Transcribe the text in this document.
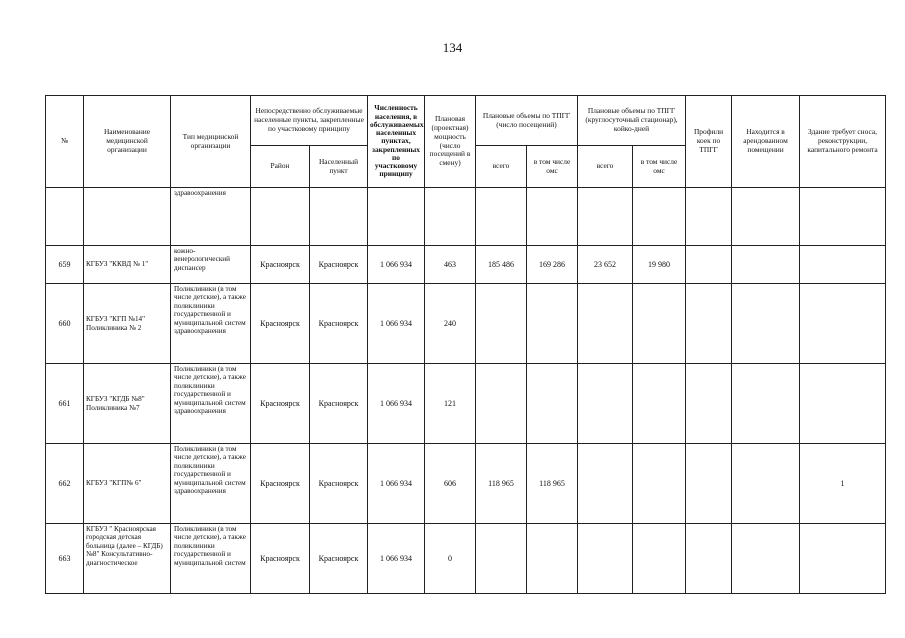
134
№	Наименование медицинской организации	Тип медицинской организации	Непосредственно обслуживаемые населенные пункты, закрепленные по участковому принципу		Численность населения, в обслуживаемых населенных пунктах, закрепленных по участковому принципу	Плановая (проектная) мощность (число посещений в смену)	Плановые объемы по ТПГГ (число посещений)		Плановые объемы по ТПГГ (круглосуточный стационар), койко-дней		Профили коек по ТПГГ	Находится в арендованном помещении	Здание требует сноса, реконструкции, капитального ремонта
			Район	Населенный пункт			всего	в том числе омс	всего	в том числе омс			
		здравоохранения											
659	КГБУЗ "ККВД № 1"	кожно-венерологический диспансер	Красноярск	Красноярск	1 066 934	463	185 486	169 286	23 652	19 980			
660	КГБУЗ "КГП №14" Поликлиника № 2	Поликлиники (в том числе детские), а также поликлиники государственной и муниципальной систем здравоохранения	Красноярск	Красноярск	1 066 934	240							
661	КГБУЗ "КГДБ №8" Поликлиника №7	Поликлиники (в том числе детские), а также поликлиники государственной и муниципальной систем здравоохранения	Красноярск	Красноярск	1 066 934	121							
662	КГБУЗ "КГП№ 6"	Поликлиники (в том числе детские), а также поликлиники государственной и муниципальной систем здравоохранения	Красноярск	Красноярск	1 066 934	606	118 965	118 965					1
663	КГБУЗ " Красноярская городская детская больница (далее – КГДБ) №8" Консультативно-диагностическое	Поликлиники (в том числе детские), а также поликлиники государственной и муниципальной систем	Красноярск	Красноярск	1 066 934	0							
